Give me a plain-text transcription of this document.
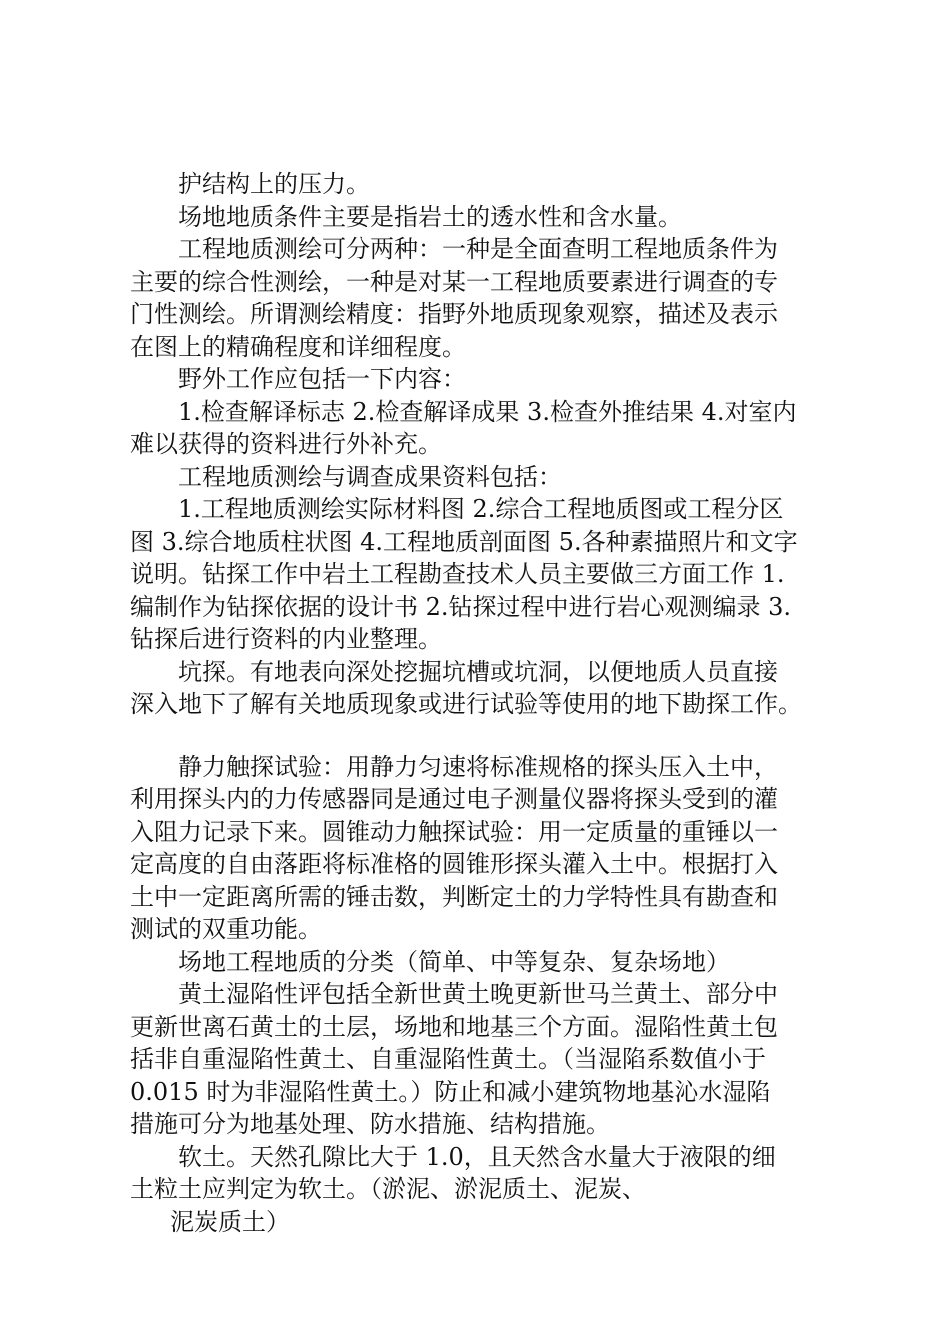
护结构上的压力。

场地地质条件主要是指岩土的透水性和含水量。

工程地质测绘可分两种：一种是全面查明工程地质条件为

主要的综合性测绘，一种是对某一工程地质要素进行调查的专

门性测绘。所谓测绘精度：指野外地质现象观察，描述及表示

在图上的精确程度和详细程度。

野外工作应包括一下内容：

1.检查解译标志 2.检查解译成果 3.检查外推结果 4.对室内

难以获得的资料进行外补充。

工程地质测绘与调查成果资料包括：

1.工程地质测绘实际材料图 2.综合工程地质图或工程分区

图 3.综合地质柱状图 4.工程地质剖面图 5.各种素描照片和文字

说明。钻探工作中岩土工程勘查技术人员主要做三方面工作 1.

编制作为钻探依据的设计书 2.钻探过程中进行岩心观测编录 3.

钻探后进行资料的内业整理。

坑探。有地表向深处挖掘坑槽或坑洞，以便地质人员直接

深入地下了解有关地质现象或进行试验等使用的地下勘探工作。

静力触探试验：用静力匀速将标准规格的探头压入土中，

利用探头内的力传感器同是通过电子测量仪器将探头受到的灌

入阻力记录下来。圆锥动力触探试验：用一定质量的重锤以一

定高度的自由落距将标准格的圆锥形探头灌入土中。根据打入

土中一定距离所需的锤击数，判断定土的力学特性具有勘查和

测试的双重功能。

场地工程地质的分类（简单、中等复杂、复杂场地）

黄土湿陷性评包括全新世黄土晚更新世马兰黄土、部分中

更新世离石黄土的土层，场地和地基三个方面。湿陷性黄土包

括非自重湿陷性黄土、自重湿陷性黄土。（当湿陷系数值小于

0.015 时为非湿陷性黄土。）防止和减小建筑物地基沁水湿陷

措施可分为地基处理、防水措施、结构措施。

软土。天然孔隙比大于 1.0，且天然含水量大于液限的细

土粒土应判定为软土。（淤泥、淤泥质土、泥炭、

泥炭质土）
